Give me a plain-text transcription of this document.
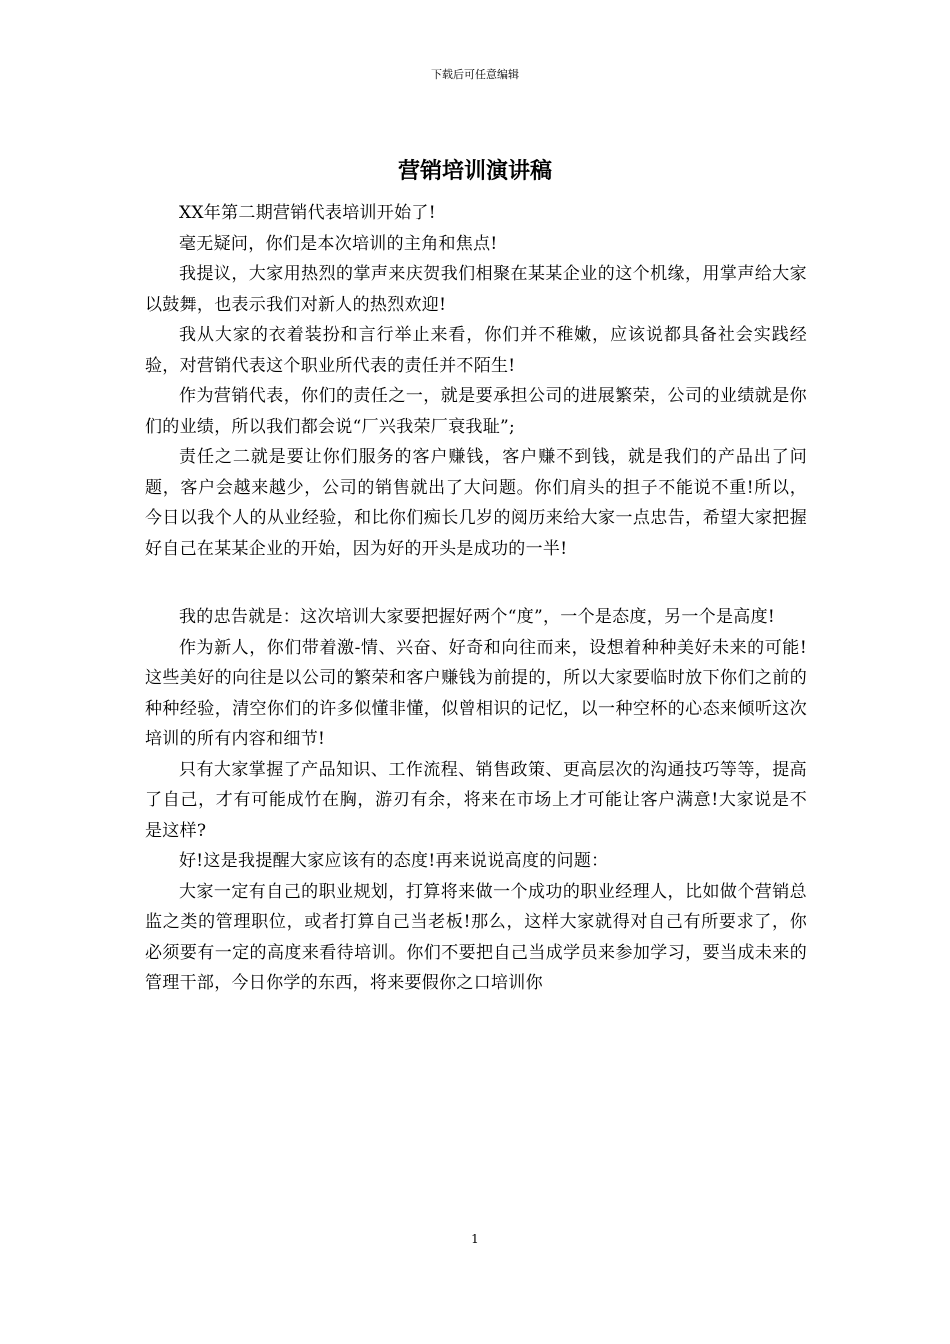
下载后可任意编辑
营销培训演讲稿

XX年第二期营销代表培训开始了!

毫无疑问，你们是本次培训的主角和焦点!

我提议，大家用热烈的掌声来庆贺我们相聚在某某企业的这个机缘，用掌声给大家以鼓舞，也表示我们对新人的热烈欢迎!

我从大家的衣着装扮和言行举止来看，你们并不稚嫩，应该说都具备社会实践经验，对营销代表这个职业所代表的责任并不陌生!

作为营销代表，你们的责任之一，就是要承担公司的进展繁荣，公司的业绩就是你们的业绩，所以我们都会说“厂兴我荣厂衰我耻”;

责任之二就是要让你们服务的客户赚钱，客户赚不到钱，就是我们的产品出了问题，客户会越来越少，公司的销售就出了大问题。你们肩头的担子不能说不重!所以，今日以我个人的从业经验，和比你们痴长几岁的阅历来给大家一点忠告，希望大家把握好自己在某某企业的开始，因为好的开头是成功的一半!

我的忠告就是：这次培训大家要把握好两个“度”，一个是态度，另一个是高度!

作为新人，你们带着激-情、兴奋、好奇和向往而来，设想着种种美好未来的可能!这些美好的向往是以公司的繁荣和客户赚钱为前提的，所以大家要临时放下你们之前的种种经验，清空你们的许多似懂非懂，似曾相识的记忆，以一种空杯的心态来倾听这次培训的所有内容和细节!

只有大家掌握了产品知识、工作流程、销售政策、更高层次的沟通技巧等等，提高了自己，才有可能成竹在胸，游刃有余，将来在市场上才可能让客户满意!大家说是不是这样?

好!这是我提醒大家应该有的态度!再来说说高度的问题：

大家一定有自己的职业规划，打算将来做一个成功的职业经理人，比如做个营销总监之类的管理职位，或者打算自己当老板!那么，这样大家就得对自己有所要求了，你必须要有一定的高度来看待培训。你们不要把自己当成学员来参加学习，要当成未来的管理干部，今日你学的东西，将来要假你之口培训你

1
